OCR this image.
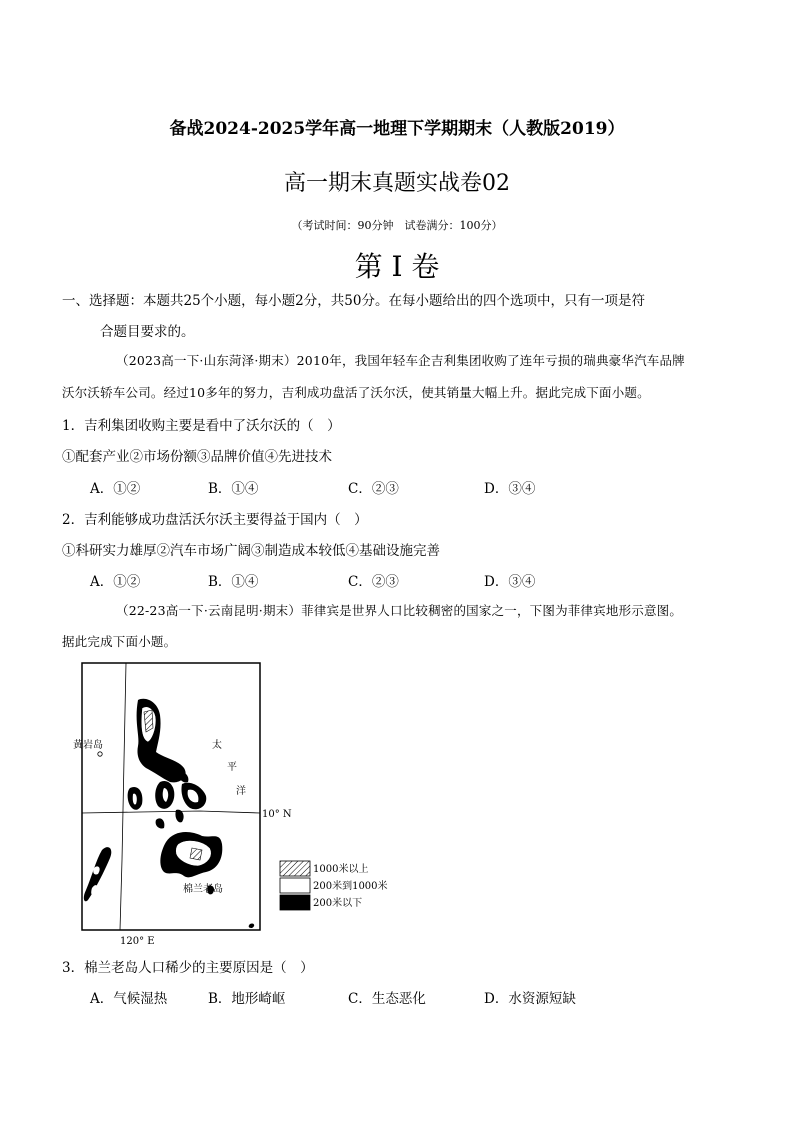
备战2024-2025学年高一地理下学期期末（人教版2019）
高一期末真题实战卷02
（考试时间：90分钟　试卷满分：100分）
第 I 卷
一、选择题：本题共25个小题，每小题2分，共50分。在每小题给出的四个选项中，只有一项是符
合题目要求的。
（2023高一下·山东菏泽·期末）2010年，我国年轻车企吉利集团收购了连年亏损的瑞典豪华汽车品牌
沃尔沃轿车公司。经过10多年的努力，吉利成功盘活了沃尔沃，使其销量大幅上升。据此完成下面小题。
1．吉利集团收购主要是看中了沃尔沃的（　）
①配套产业②市场份额③品牌价值④先进技术
A．①②	B．①④	C．②③	D．③④
2．吉利能够成功盘活沃尔沃主要得益于国内（　）
①科研实力雄厚②汽车市场广阔③制造成本较低④基础设施完善
A．①②	B．①④	C．②③	D．③④
（22-23高一下·云南昆明·期末）菲律宾是世界人口比较稠密的国家之一，下图为菲律宾地形示意图。
据此完成下面小题。
黄岩岛	太
平
洋
10° N
120° E
棉兰老岛
1000米以上
200米到1000米
200米以下
3．棉兰老岛人口稀少的主要原因是（　）
A．气候湿热	B．地形崎岖	C．生态恶化	D．水资源短缺
